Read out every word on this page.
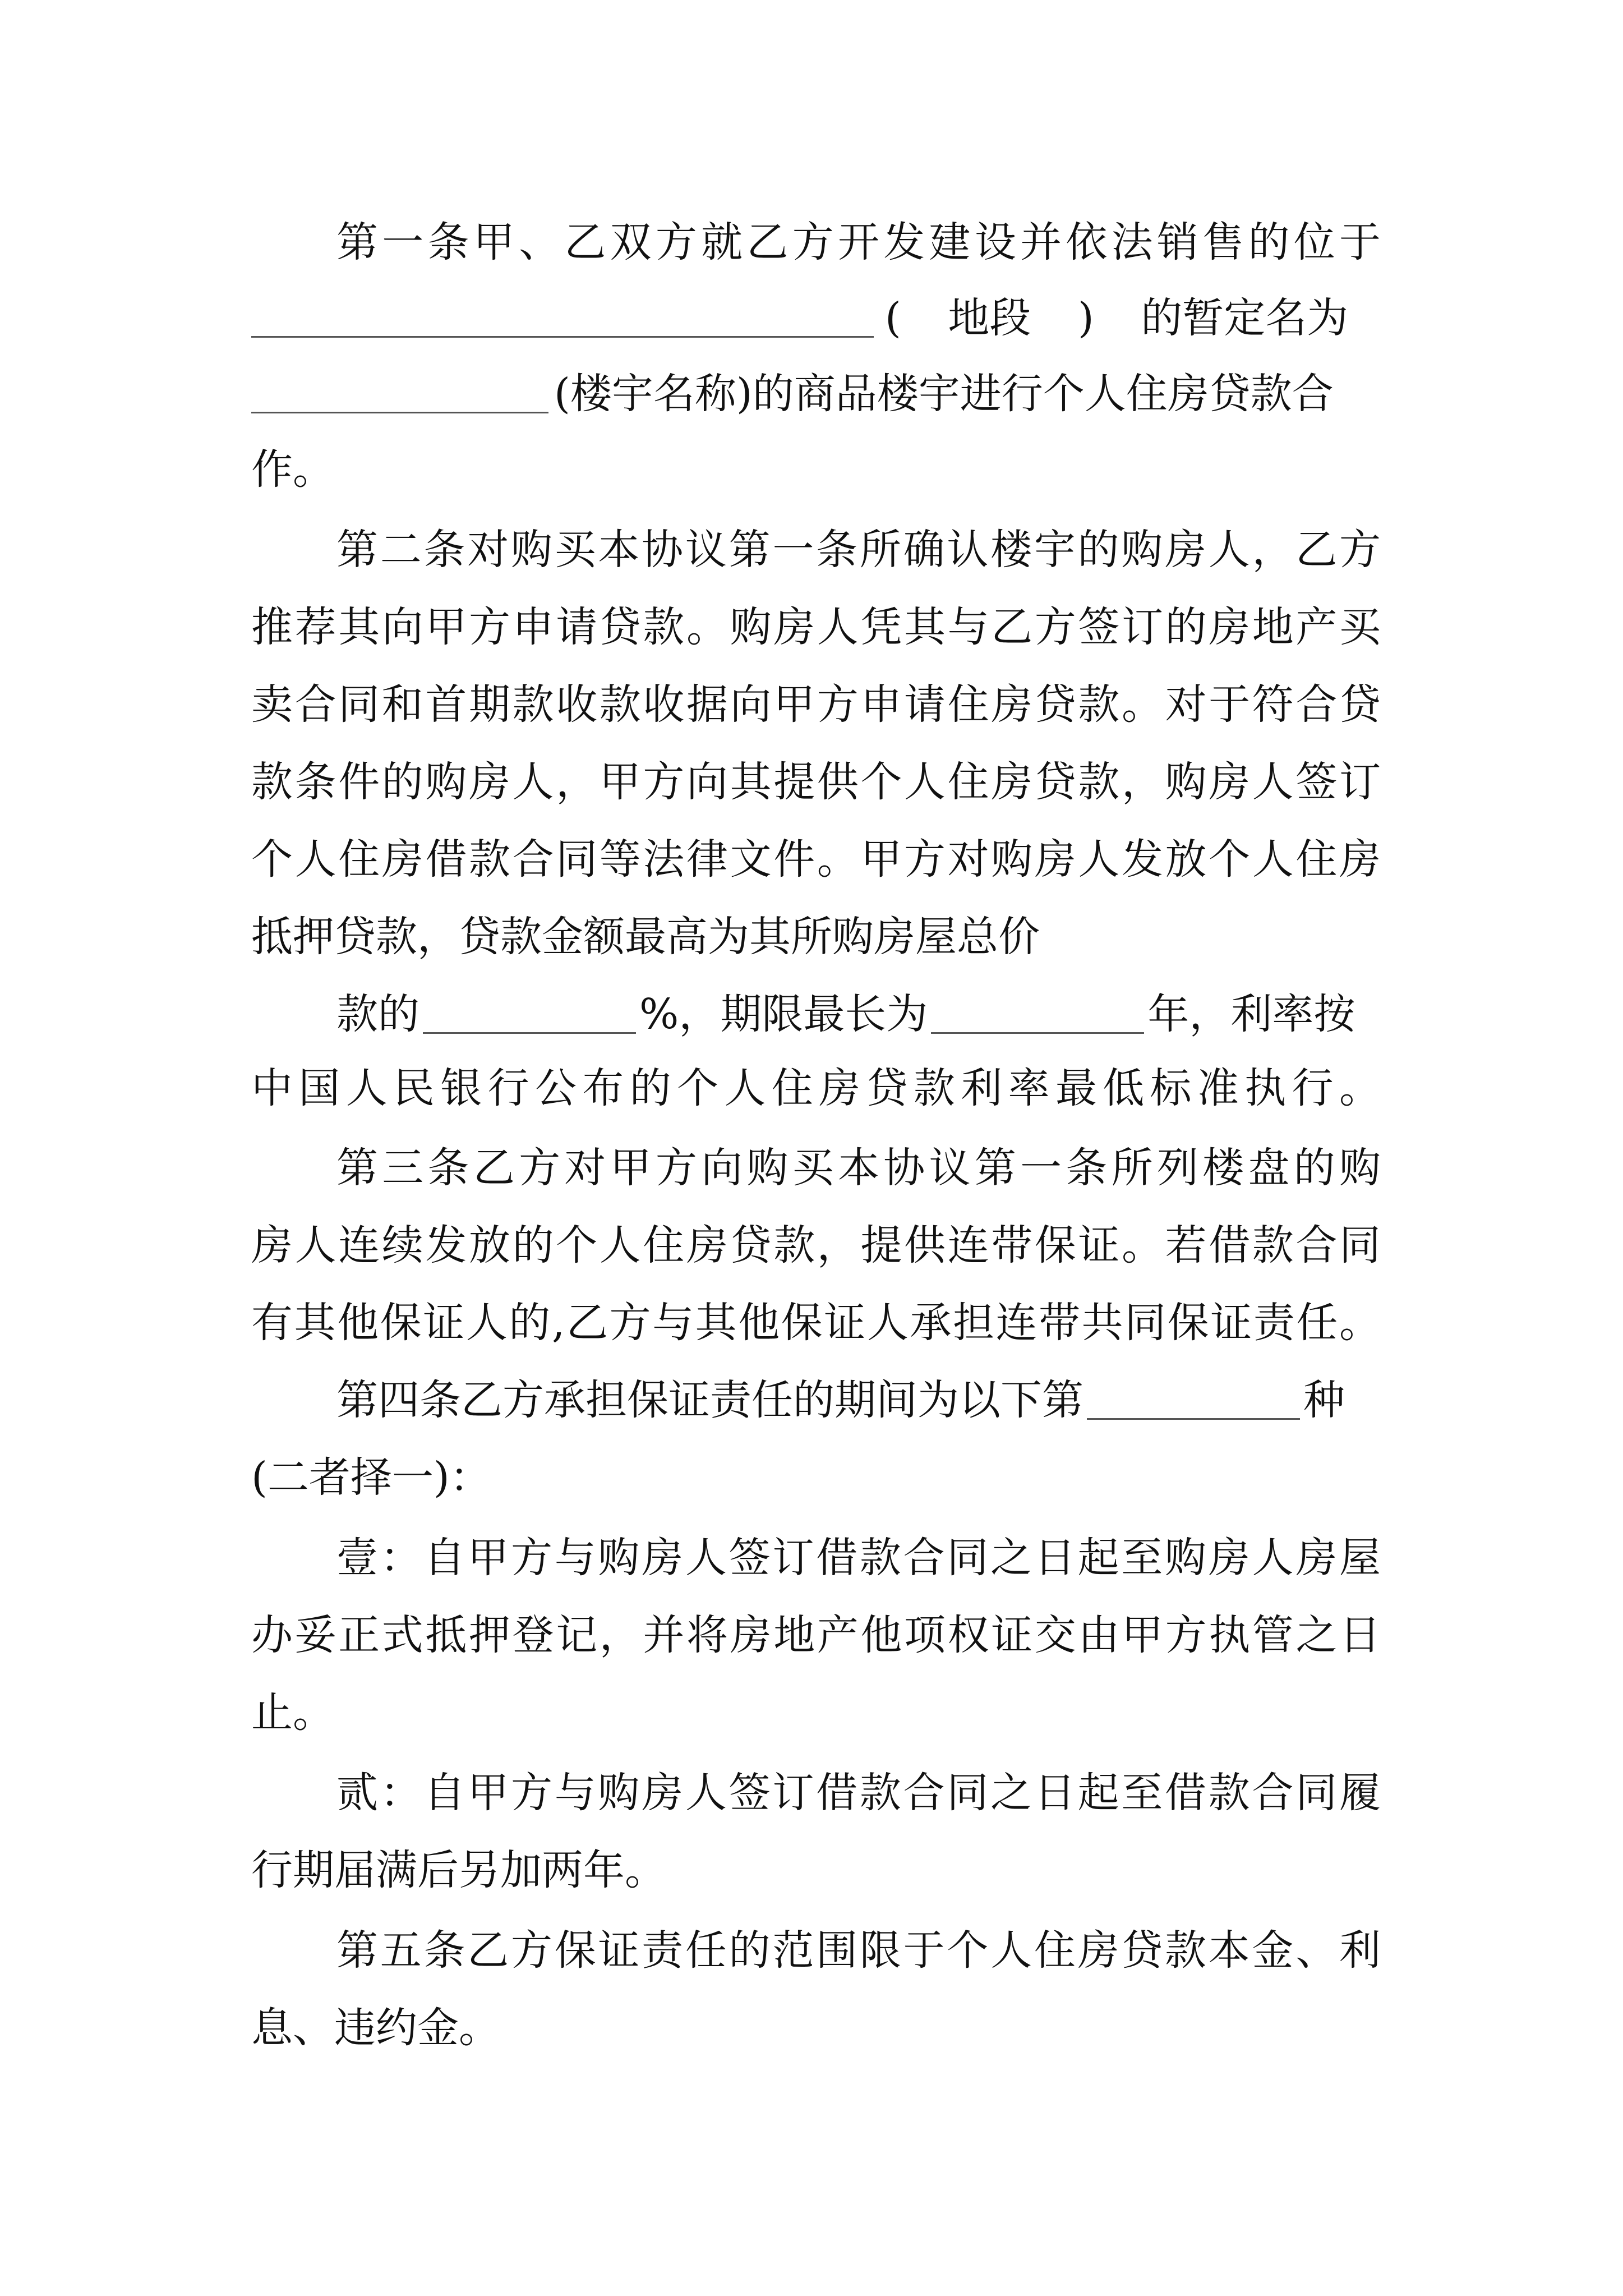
第一条甲、乙双方就乙方开发建设并依法销售的位于
( 地段 ) 的暂定名为
(楼宇名称)的商品楼宇进行个人住房贷款合
作。
第二条对购买本协议第一条所确认楼宇的购房人，乙方
推荐其向甲方申请贷款。购房人凭其与乙方签订的房地产买
卖合同和首期款收款收据向甲方申请住房贷款。对于符合贷
款条件的购房人，甲方向其提供个人住房贷款，购房人签订
个人住房借款合同等法律文件。甲方对购房人发放个人住房
抵押贷款，贷款金额最高为其所购房屋总价
款的	%，期限最长为	年，利率按
中国人民银行公布的个人住房贷款利率最低标准执行。
第三条乙方对甲方向购买本协议第一条所列楼盘的购
房人连续发放的个人住房贷款，提供连带保证。若借款合同
有其他保证人的,乙方与其他保证人承担连带共同保证责任。
第四条乙方承担保证责任的期间为以下第	种
(二者择一)：
壹：自甲方与购房人签订借款合同之日起至购房人房屋
办妥正式抵押登记，并将房地产他项权证交由甲方执管之日
止。
贰：自甲方与购房人签订借款合同之日起至借款合同履
行期届满后另加两年。
第五条乙方保证责任的范围限于个人住房贷款本金、利
息、违约金。
